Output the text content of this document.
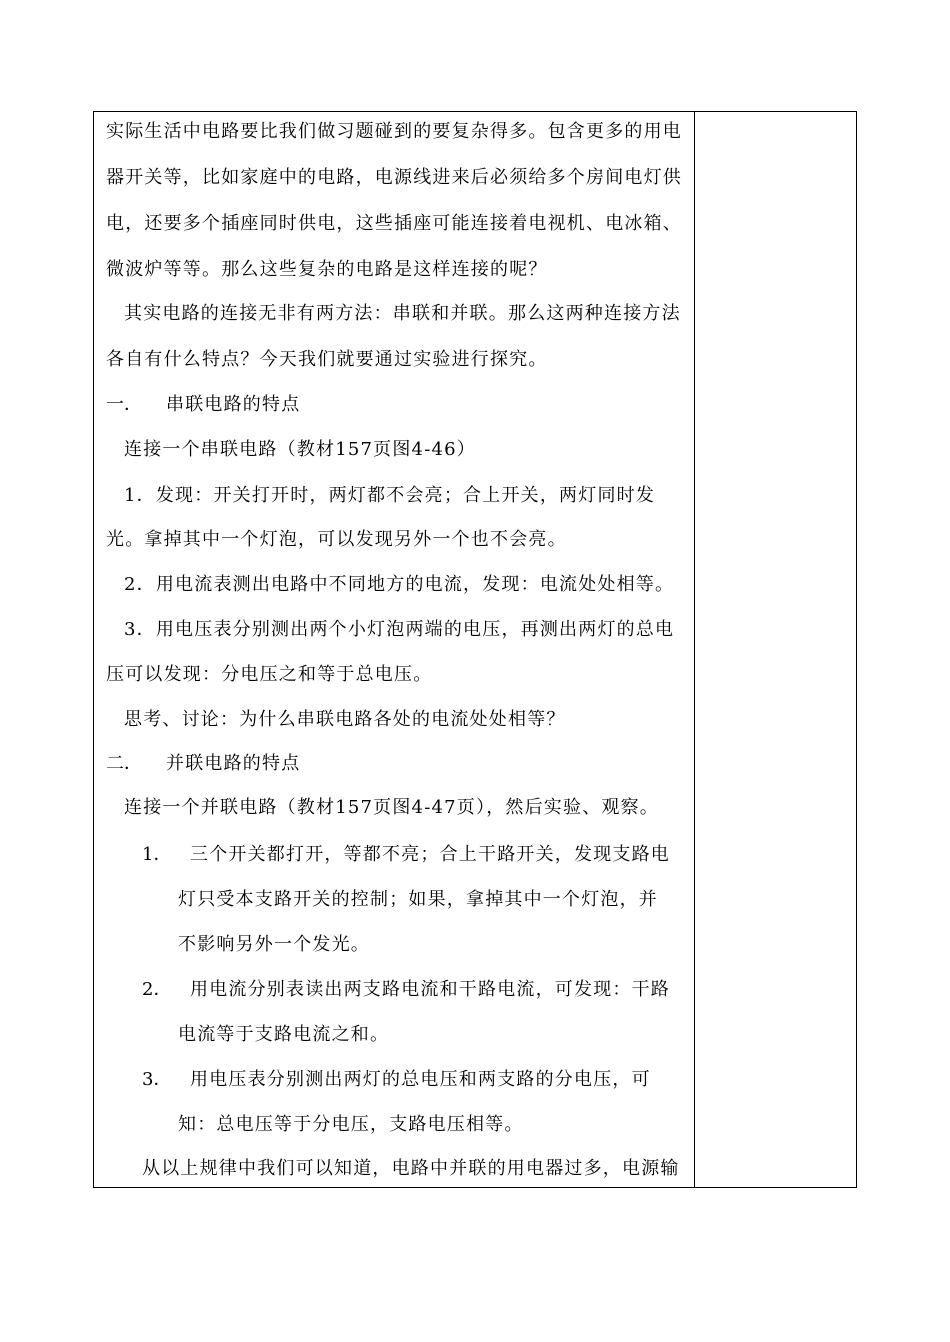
实际生活中电路要比我们做习题碰到的要复杂得多。包含更多的用电
器开关等，比如家庭中的电路，电源线进来后必须给多个房间电灯供
电，还要多个插座同时供电，这些插座可能连接着电视机、电冰箱、
微波炉等等。那么这些复杂的电路是这样连接的呢？
其实电路的连接无非有两方法：串联和并联。那么这两种连接方法
各自有什么特点？今天我们就要通过实验进行探究。
一． 串联电路的特点
连接一个串联电路（教材157页图4-46）
1．发现：开关打开时，两灯都不会亮；合上开关，两灯同时发
光。拿掉其中一个灯泡，可以发现另外一个也不会亮。
2．用电流表测出电路中不同地方的电流，发现：电流处处相等。
3．用电压表分别测出两个小灯泡两端的电压，再测出两灯的总电
压可以发现：分电压之和等于总电压。
思考、讨论：为什么串联电路各处的电流处处相等？
二． 并联电路的特点
连接一个并联电路（教材157页图4-47页），然后实验、观察。
1． 三个开关都打开，等都不亮；合上干路开关，发现支路电
灯只受本支路开关的控制；如果，拿掉其中一个灯泡，并
不影响另外一个发光。
2． 用电流分别表读出两支路电流和干路电流，可发现：干路
电流等于支路电流之和。
3． 用电压表分别测出两灯的总电压和两支路的分电压，可
知：总电压等于分电压，支路电压相等。
从以上规律中我们可以知道，电路中并联的用电器过多，电源输
